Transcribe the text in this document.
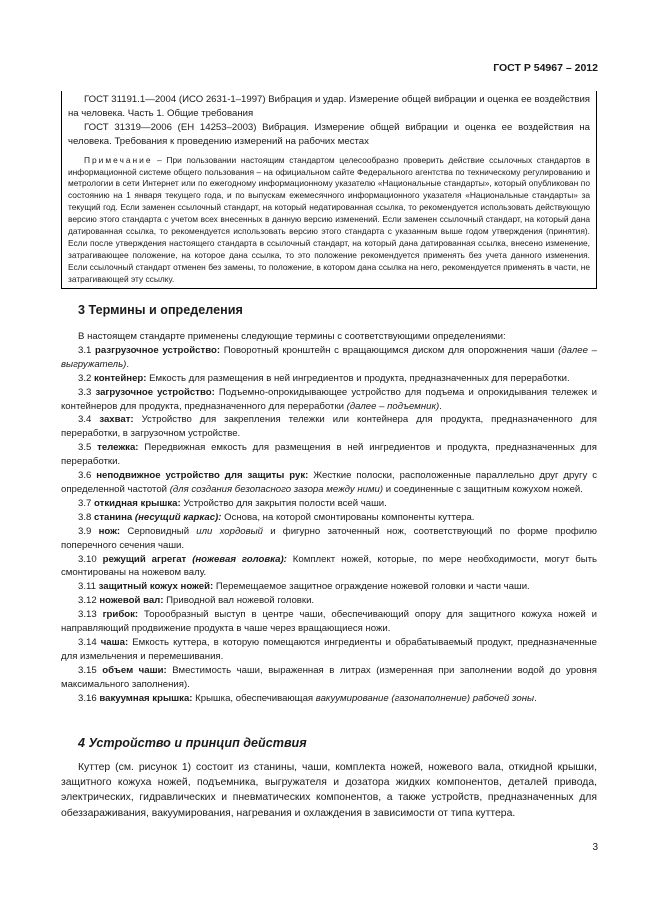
ГОСТ Р 54967 – 2012

ГОСТ 31191.1—2004 (ИСО 2631-1–1997) Вибрация и удар. Измерение общей вибрации и оценка ее воздействия на человека. Часть 1. Общие требования

ГОСТ 31319—2006 (ЕН 14253–2003) Вибрация. Измерение общей вибрации и оценка ее воздействия на человека. Требования к проведению измерений на рабочих местах

Примечание – При пользовании настоящим стандартом целесообразно проверить действие ссылочных стандартов в информационной системе общего пользования – на официальном сайте Федерального агентства по техническому регулированию и метрологии в сети Интернет или по ежегодному информационному указателю «Национальные стандарты», который опубликован по состоянию на 1 января текущего года, и по выпускам ежемесячного информационного указателя «Национальные стандарты» за текущий год. Если заменен ссылочный стандарт, на который недатированная ссылка, то рекомендуется использовать действующую версию этого стандарта с учетом всех внесенных в данную версию изменений. Если заменен ссылочный стандарт, на который дана датированная ссылка, то рекомендуется использовать версию этого стандарта с указанным выше годом утверждения (принятия). Если после утверждения настоящего стандарта в ссылочный стандарт, на который дана датированная ссылка, внесено изменение, затрагивающее положение, на которое дана ссылка, то это положение рекомендуется применять без учета данного изменения. Если ссылочный стандарт отменен без замены, то положение, в котором дана ссылка на него, рекомендуется применять в части, не затрагивающей эту ссылку.

3 Термины и определения

В настоящем стандарте применены следующие термины с соответствующими определениями:

3.1 разгрузочное устройство: Поворотный кронштейн с вращающимся диском для опорожнения чаши (далее – выгружатель).

3.2 контейнер: Емкость для размещения в ней ингредиентов и продукта, предназначенных для переработки.

3.3 загрузочное устройство: Подъемно-опрокидывающее устройство для подъема и опрокидывания тележек и контейнеров для продукта, предназначенного для переработки (далее – подъемник).

3.4 захват: Устройство для закрепления тележки или контейнера для продукта, предназначенного для переработки, в загрузочном устройстве.

3.5 тележка: Передвижная емкость для размещения в ней ингредиентов и продукта, предназначенных для переработки.

3.6 неподвижное устройство для защиты рук: Жесткие полоски, расположенные параллельно друг другу с определенной частотой (для создания безопасного зазора между ними) и соединенные с защитным кожухом ножей.

3.7 откидная крышка: Устройство для закрытия полости всей чаши.

3.8 станина (несущий каркас): Основа, на которой смонтированы компоненты куттера.

3.9 нож: Серповидный или хордовый и фигурно заточенный нож, соответствующий по форме профилю поперечного сечения чаши.

3.10 режущий агрегат (ножевая головка): Комплект ножей, которые, по мере необходимости, могут быть смонтированы на ножевом валу.

3.11 защитный кожух ножей: Перемещаемое защитное ограждение ножевой головки и части чаши.

3.12 ножевой вал: Приводной вал ножевой головки.

3.13 грибок: Торообразный выступ в центре чаши, обеспечивающий опору для защитного кожуха ножей и направляющий продвижение продукта в чаше через вращающиеся ножи.

3.14 чаша: Емкость куттера, в которую помещаются ингредиенты и обрабатываемый продукт, предназначенные для измельчения и перемешивания.

3.15 объем чаши: Вместимость чаши, выраженная в литрах (измеренная при заполнении водой до уровня максимального заполнения).

3.16 вакуумная крышка: Крышка, обеспечивающая вакуумирование (газонаполнение) рабочей зоны.

4 Устройство и принцип действия

Куттер (см. рисунок 1) состоит из станины, чаши, комплекта ножей, ножевого вала, откидной крышки, защитного кожуха ножей, подъемника, выгружателя и дозатора жидких компонентов, деталей привода, электрических, гидравлических и пневматических компонентов, а также устройств, предназначенных для обеззараживания, вакуумирования, нагревания и охлаждения в зависимости от типа куттера.

3
